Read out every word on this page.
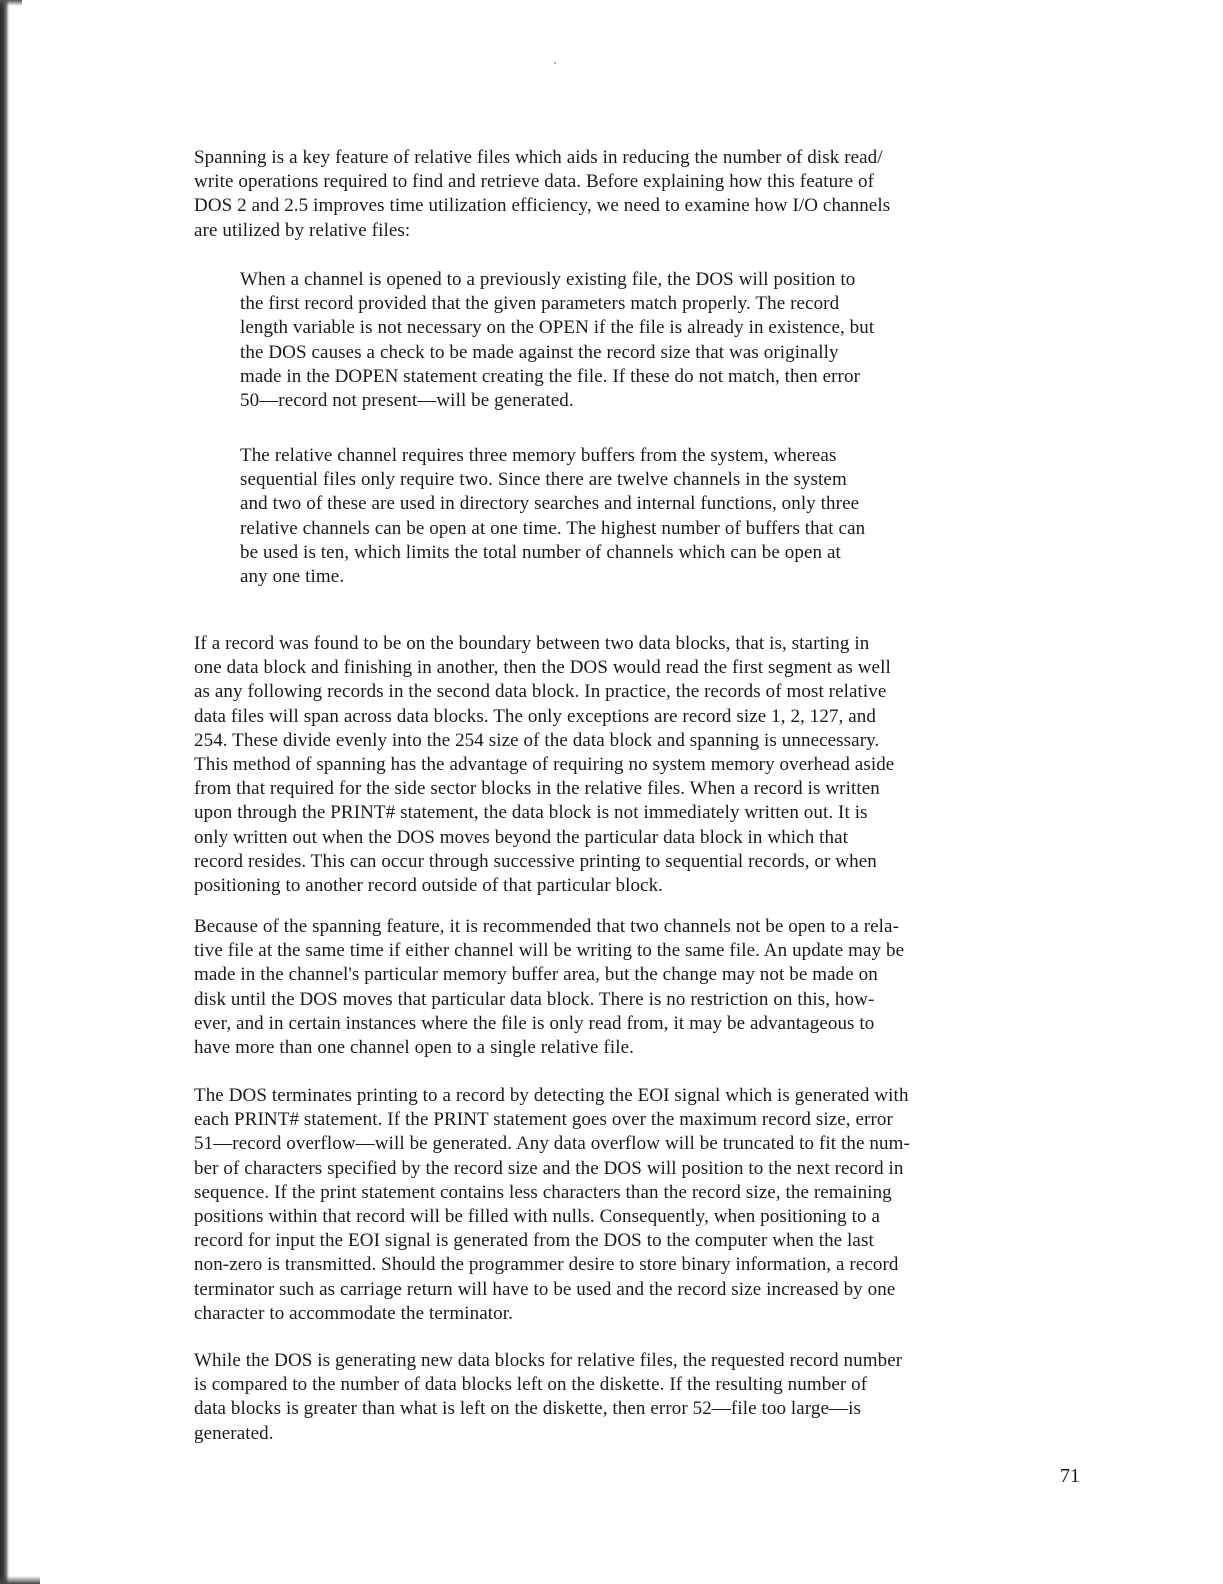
Spanning is a key feature of relative files which aids in reducing the number of disk read/
write operations required to find and retrieve data. Before explaining how this feature of
DOS 2 and 2.5 improves time utilization efficiency, we need to examine how I/O channels
are utilized by relative files:
When a channel is opened to a previously existing file, the DOS will position to
the first record provided that the given parameters match properly. The record
length variable is not necessary on the OPEN if the file is already in existence, but
the DOS causes a check to be made against the record size that was originally
made in the DOPEN statement creating the file. If these do not match, then error
50—record not present—will be generated.
The relative channel requires three memory buffers from the system, whereas
sequential files only require two. Since there are twelve channels in the system
and two of these are used in directory searches and internal functions, only three
relative channels can be open at one time. The highest number of buffers that can
be used is ten, which limits the total number of channels which can be open at
any one time.
If a record was found to be on the boundary between two data blocks, that is, starting in
one data block and finishing in another, then the DOS would read the first segment as well
as any following records in the second data block. In practice, the records of most relative
data files will span across data blocks. The only exceptions are record size 1, 2, 127, and
254. These divide evenly into the 254 size of the data block and spanning is unnecessary.
This method of spanning has the advantage of requiring no system memory overhead aside
from that required for the side sector blocks in the relative files. When a record is written
upon through the PRINT# statement, the data block is not immediately written out. It is
only written out when the DOS moves beyond the particular data block in which that
record resides. This can occur through successive printing to sequential records, or when
positioning to another record outside of that particular block.
Because of the spanning feature, it is recommended that two channels not be open to a rela-
tive file at the same time if either channel will be writing to the same file. An update may be
made in the channel's particular memory buffer area, but the change may not be made on
disk until the DOS moves that particular data block. There is no restriction on this, how-
ever, and in certain instances where the file is only read from, it may be advantageous to
have more than one channel open to a single relative file.
The DOS terminates printing to a record by detecting the EOI signal which is generated with
each PRINT# statement. If the PRINT statement goes over the maximum record size, error
51—record overflow—will be generated. Any data overflow will be truncated to fit the num-
ber of characters specified by the record size and the DOS will position to the next record in
sequence. If the print statement contains less characters than the record size, the remaining
positions within that record will be filled with nulls. Consequently, when positioning to a
record for input the EOI signal is generated from the DOS to the computer when the last
non-zero is transmitted. Should the programmer desire to store binary information, a record
terminator such as carriage return will have to be used and the record size increased by one
character to accommodate the terminator.
While the DOS is generating new data blocks for relative files, the requested record number
is compared to the number of data blocks left on the diskette. If the resulting number of
data blocks is greater than what is left on the diskette, then error 52—file too large—is
generated.
71
